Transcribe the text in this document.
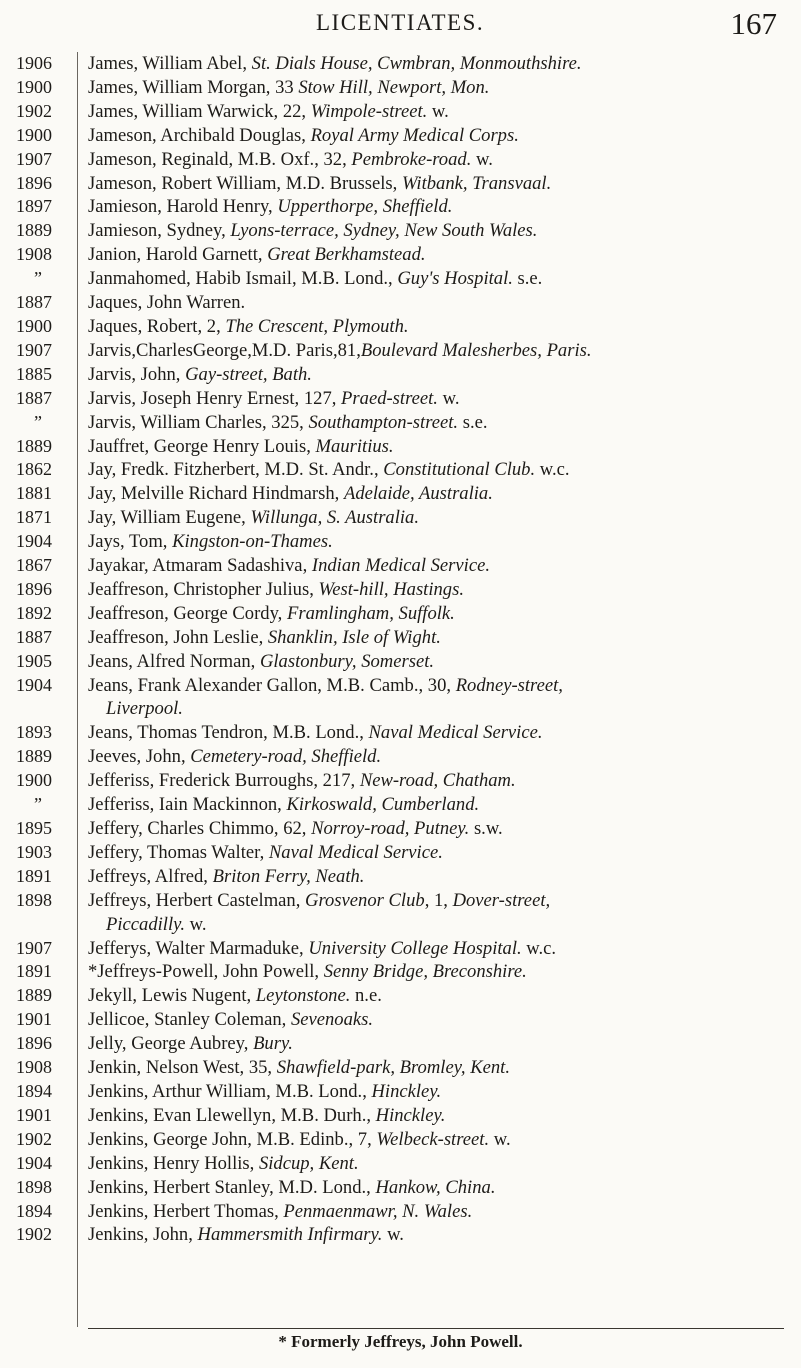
LICENTIATES.	167
1906	James, William Abel, St. Dials House, Cwmbran, Monmouthshire.
1900	James, William Morgan, 33 Stow Hill, Newport, Mon.
1902	James, William Warwick, 22, Wimpole-street. w.
1900	Jameson, Archibald Douglas, Royal Army Medical Corps.
1907	Jameson, Reginald, M.B. Oxf., 32, Pembroke-road. w.
1896	Jameson, Robert William, M.D. Brussels, Witbank, Transvaal.
1897	Jamieson, Harold Henry, Upperthorpe, Sheffield.
1889	Jamieson, Sydney, Lyons-terrace, Sydney, New South Wales.
1908	Janion, Harold Garnett, Great Berkhamstead.
”	Janmahomed, Habib Ismail, M.B. Lond., Guy's Hospital. s.e.
1887	Jaques, John Warren.
1900	Jaques, Robert, 2, The Crescent, Plymouth.
1907	Jarvis,CharlesGeorge,M.D. Paris,81,Boulevard Malesherbes, Paris.
1885	Jarvis, John, Gay-street, Bath.
1887	Jarvis, Joseph Henry Ernest, 127, Praed-street. w.
”	Jarvis, William Charles, 325, Southampton-street. s.e.
1889	Jauffret, George Henry Louis, Mauritius.
1862	Jay, Fredk. Fitzherbert, M.D. St. Andr., Constitutional Club. w.c.
1881	Jay, Melville Richard Hindmarsh, Adelaide, Australia.
1871	Jay, William Eugene, Willunga, S. Australia.
1904	Jays, Tom, Kingston-on-Thames.
1867	Jayakar, Atmaram Sadashiva, Indian Medical Service.
1896	Jeaffreson, Christopher Julius, West-hill, Hastings.
1892	Jeaffreson, George Cordy, Framlingham, Suffolk.
1887	Jeaffreson, John Leslie, Shanklin, Isle of Wight.
1905	Jeans, Alfred Norman, Glastonbury, Somerset.
1904	Jeans, Frank Alexander Gallon, M.B. Camb., 30, Rodney-street,
Liverpool.
1893	Jeans, Thomas Tendron, M.B. Lond., Naval Medical Service.
1889	Jeeves, John, Cemetery-road, Sheffield.
1900	Jefferiss, Frederick Burroughs, 217, New-road, Chatham.
”	Jefferiss, Iain Mackinnon, Kirkoswald, Cumberland.
1895	Jeffery, Charles Chimmo, 62, Norroy-road, Putney. s.w.
1903	Jeffery, Thomas Walter, Naval Medical Service.
1891	Jeffreys, Alfred, Briton Ferry, Neath.
1898	Jeffreys, Herbert Castelman, Grosvenor Club, 1, Dover-street,
Piccadilly. w.
1907	Jefferys, Walter Marmaduke, University College Hospital. w.c.
1891	*Jeffreys-Powell, John Powell, Senny Bridge, Breconshire.
1889	Jekyll, Lewis Nugent, Leytonstone. n.e.
1901	Jellicoe, Stanley Coleman, Sevenoaks.
1896	Jelly, George Aubrey, Bury.
1908	Jenkin, Nelson West, 35, Shawfield-park, Bromley, Kent.
1894	Jenkins, Arthur William, M.B. Lond., Hinckley.
1901	Jenkins, Evan Llewellyn, M.B. Durh., Hinckley.
1902	Jenkins, George John, M.B. Edinb., 7, Welbeck-street. w.
1904	Jenkins, Henry Hollis, Sidcup, Kent.
1898	Jenkins, Herbert Stanley, M.D. Lond., Hankow, China.
1894	Jenkins, Herbert Thomas, Penmaenmawr, N. Wales.
1902	Jenkins, John, Hammersmith Infirmary. w.
* Formerly Jeffreys, John Powell.
